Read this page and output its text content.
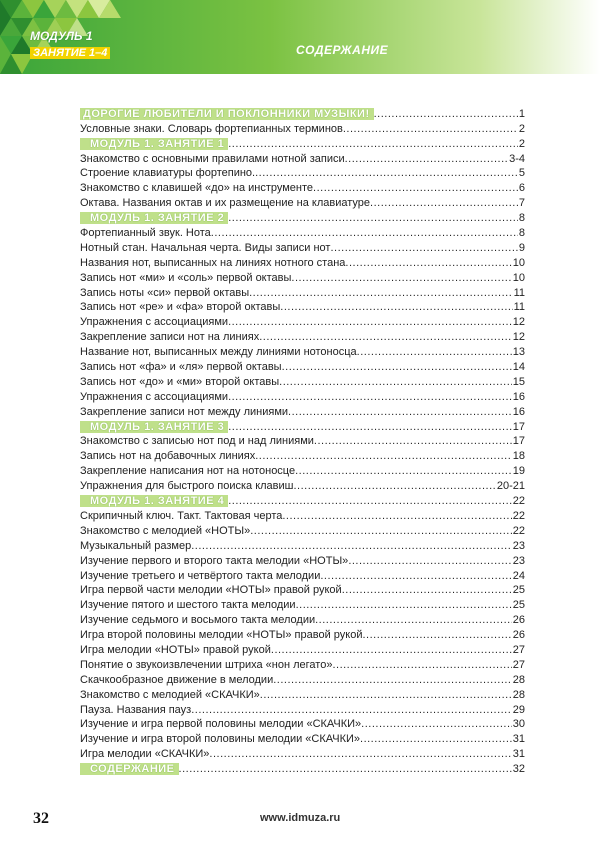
МОДУЛЬ 1
ЗАНЯТИЕ 1–4	СОДЕРЖАНИЕ
ДОРОГИЕ ЛЮБИТЕЛИ И ПОКЛОННИКИ МУЗЫКИ! .....	1
Условные знаки. Словарь фортепианных терминов .....	2
МОДУЛЬ 1. ЗАНЯТИЕ 1 .....	2
Знакомство с основными правилами нотной записи .....	3-4
Строение клавиатуры фортепино. .....	5
Знакомство с клавишей «до» на инструменте .....	6
Октава. Названия октав и их размещение на клавиатуре .....	7
МОДУЛЬ 1. ЗАНЯТИЕ 2 .....	8
Фортепианный звук. Нота .....	8
Нотный стан. Начальная черта. Виды записи нот .....	9
Названия нот, выписанных на линиях нотного стана .....	10
Запись нот «ми» и «соль» первой октавы .....	10
Запись ноты «си» первой октавы .....	11
Запись нот «ре» и «фа» второй октавы .....	11
Упражнения с ассоциациями .....	12
Закрепление записи нот на линиях .....	12
Название нот, выписанных между линиями нотоносца .....	13
Запись нот «фа» и «ля» первой октавы .....	14
Запись нот «до» и «ми» второй октавы .....	15
Упражнения с ассоциациями .....	16
Закрепление записи нот между линиями .....	16
МОДУЛЬ 1. ЗАНЯТИЕ 3 .....	17
Знакомство с записью нот под и над линиями .....	17
Запись нот на добавочных линиях .....	18
Закрепление написания нот на нотоносце .....	19
Упражнения для быстрого поиска клавиш .....	20-21
МОДУЛЬ 1. ЗАНЯТИЕ 4 .....	22
Скрипичный ключ. Такт. Тактовая черта .....	22
Знакомство с мелодией «НОТЫ» .....	22
Музыкальный размер .....	23
Изучение первого и второго такта мелодии «НОТЫ» .....	23
Изучение третьего и четвёртого такта мелодии .....	24
Игра первой части мелодии «НОТЫ» правой рукой .....	25
Изучение пятого и шестого такта мелодии .....	25
Изучение седьмого и восьмого такта мелодии .....	26
Игра второй половины мелодии «НОТЫ» правой рукой .....	26
Игра мелодии «НОТЫ» правой рукой .....	27
Понятие о звукоизвлечении штриха «нон легато» .....	27
Скачкообразное движение в мелодии .....	28
Знакомство с мелодией «СКАЧКИ» .....	28
Пауза. Названия пауз .....	29
Изучение и игра первой половины мелодии «СКАЧКИ» .....	30
Изучение и игра второй половины мелодии «СКАЧКИ» .....	31
Игра мелодии «СКАЧКИ» .....	31
СОДЕРЖАНИЕ .....	32
32	www.idmuza.ru
